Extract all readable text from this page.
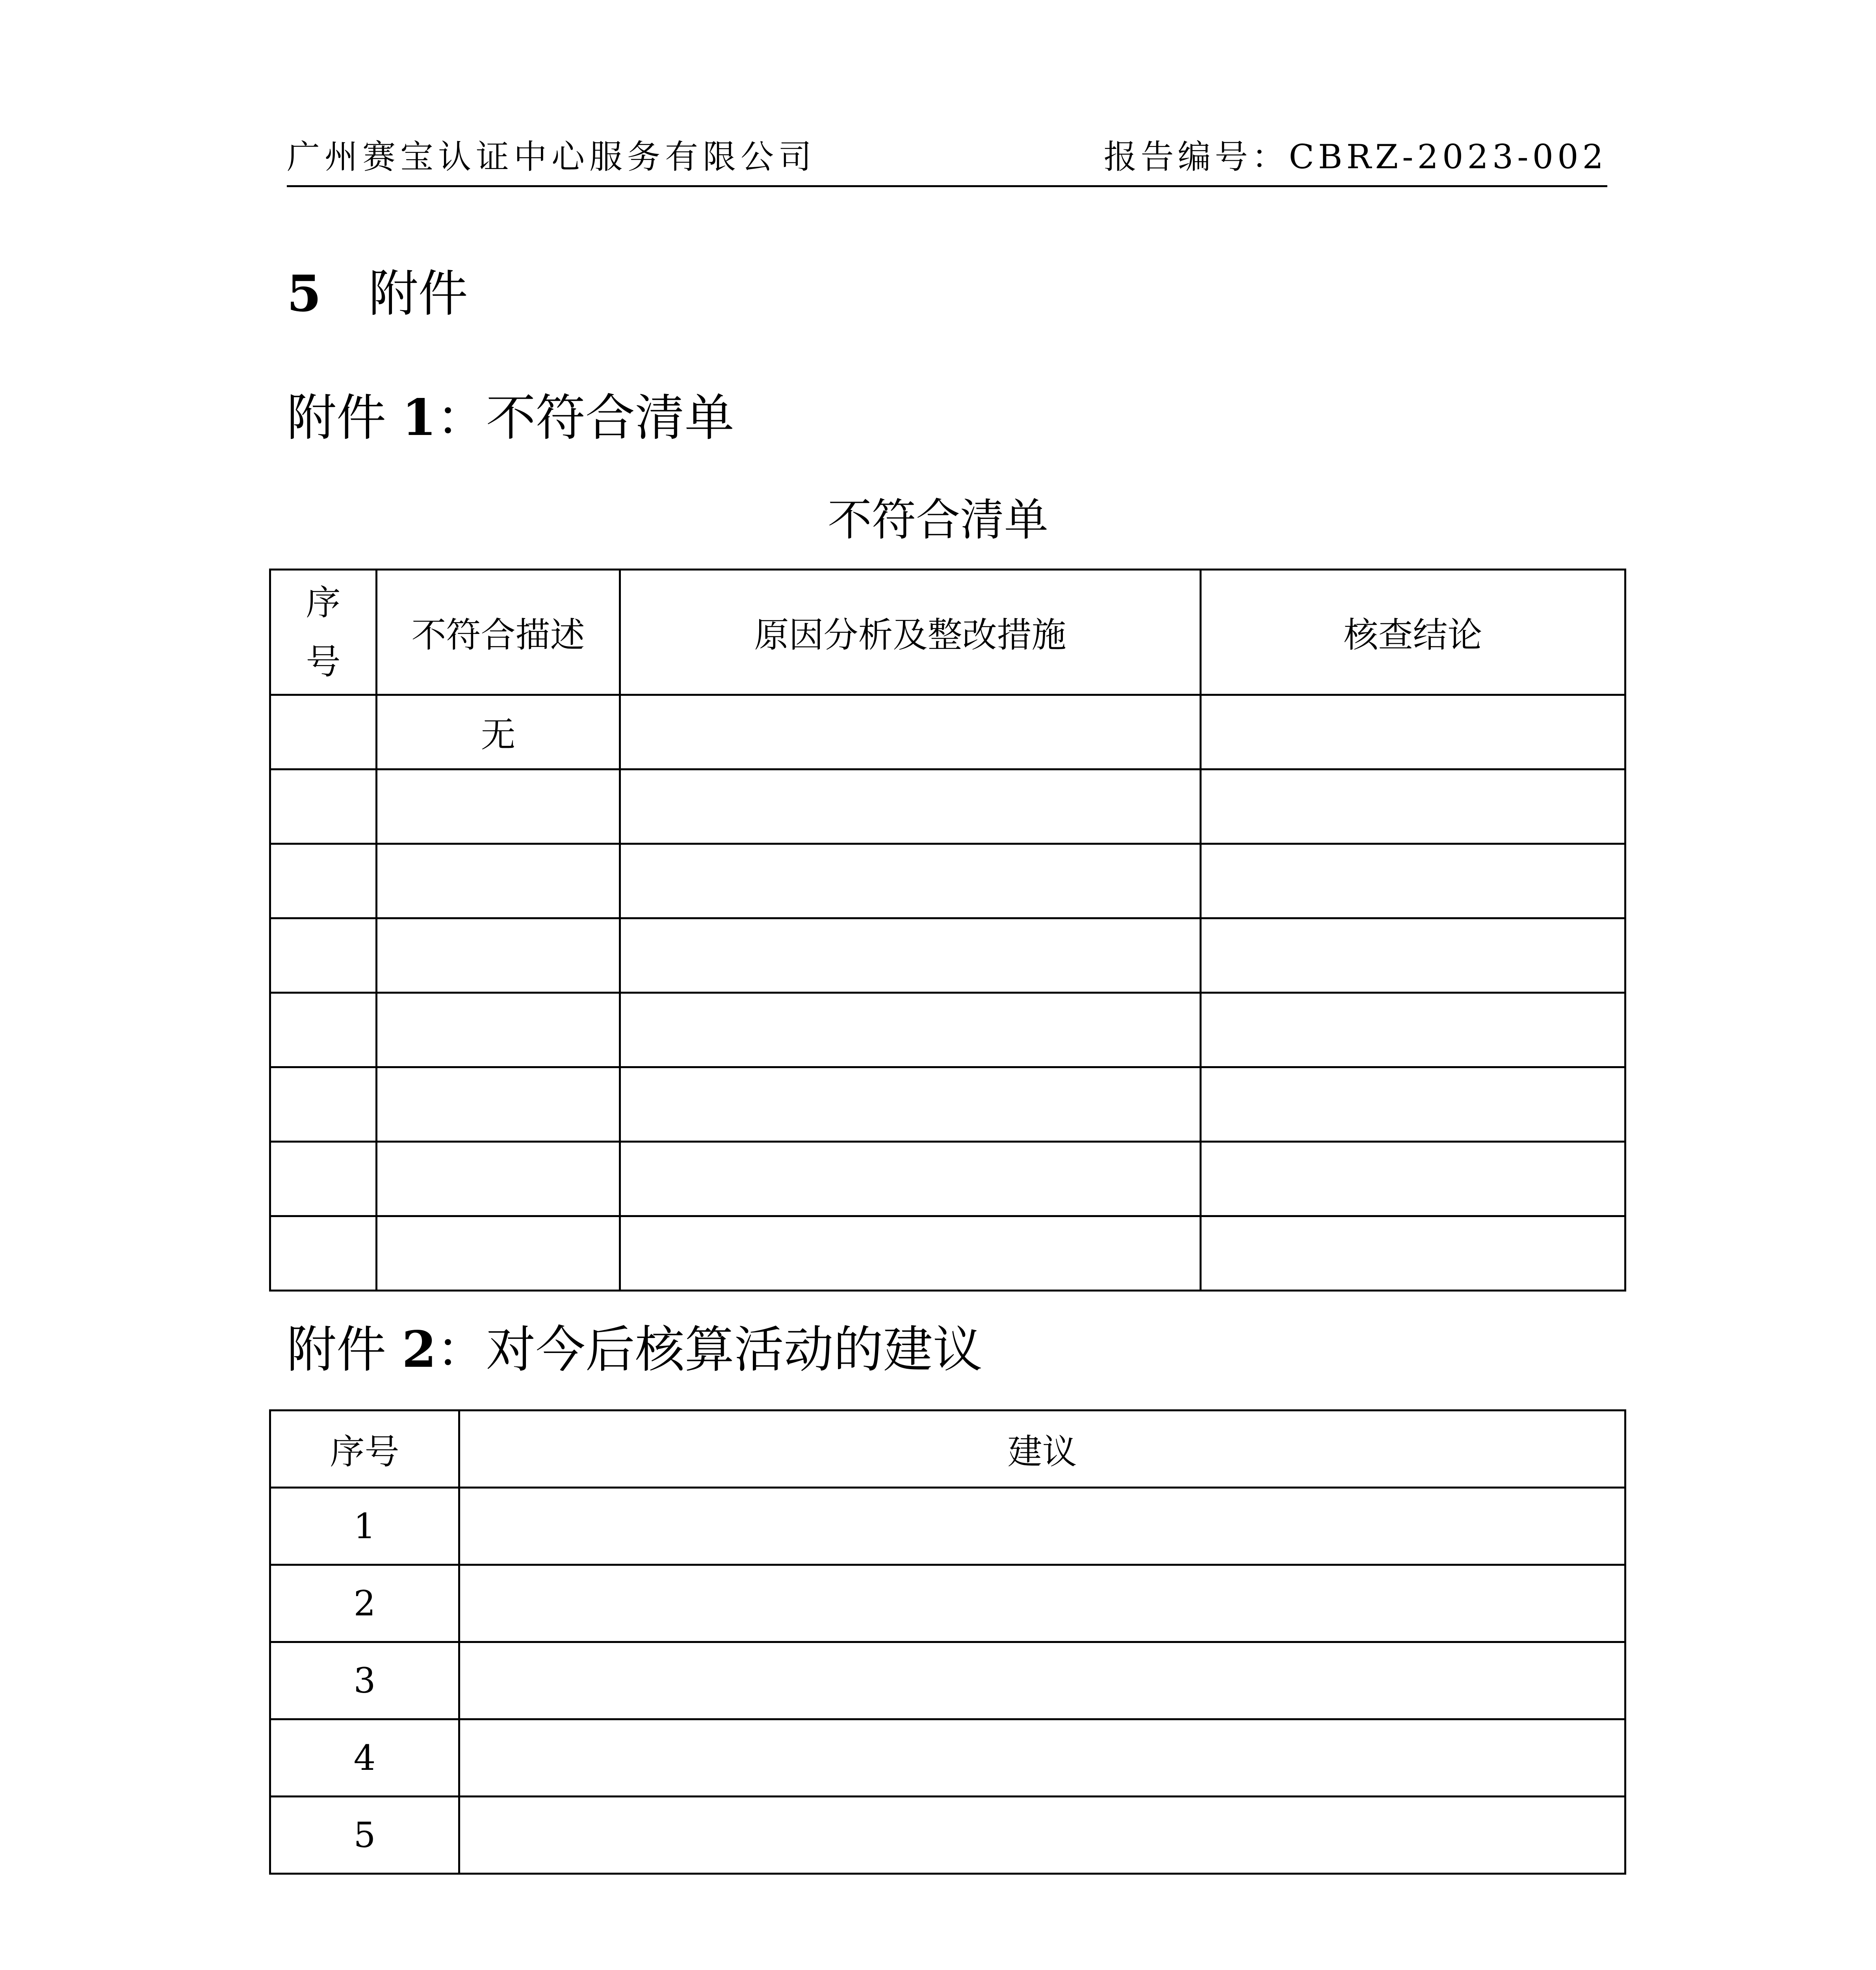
广州赛宝认证中心服务有限公司	报告编号：CBRZ-2023-002
5 附件
附件 1：不符合清单
不符合清单
序
号	不符合描述	原因分析及整改措施	核查结论
	无		

附件 2：对今后核算活动的建议
序号	建议
1	
2	
3	
4	
5	
